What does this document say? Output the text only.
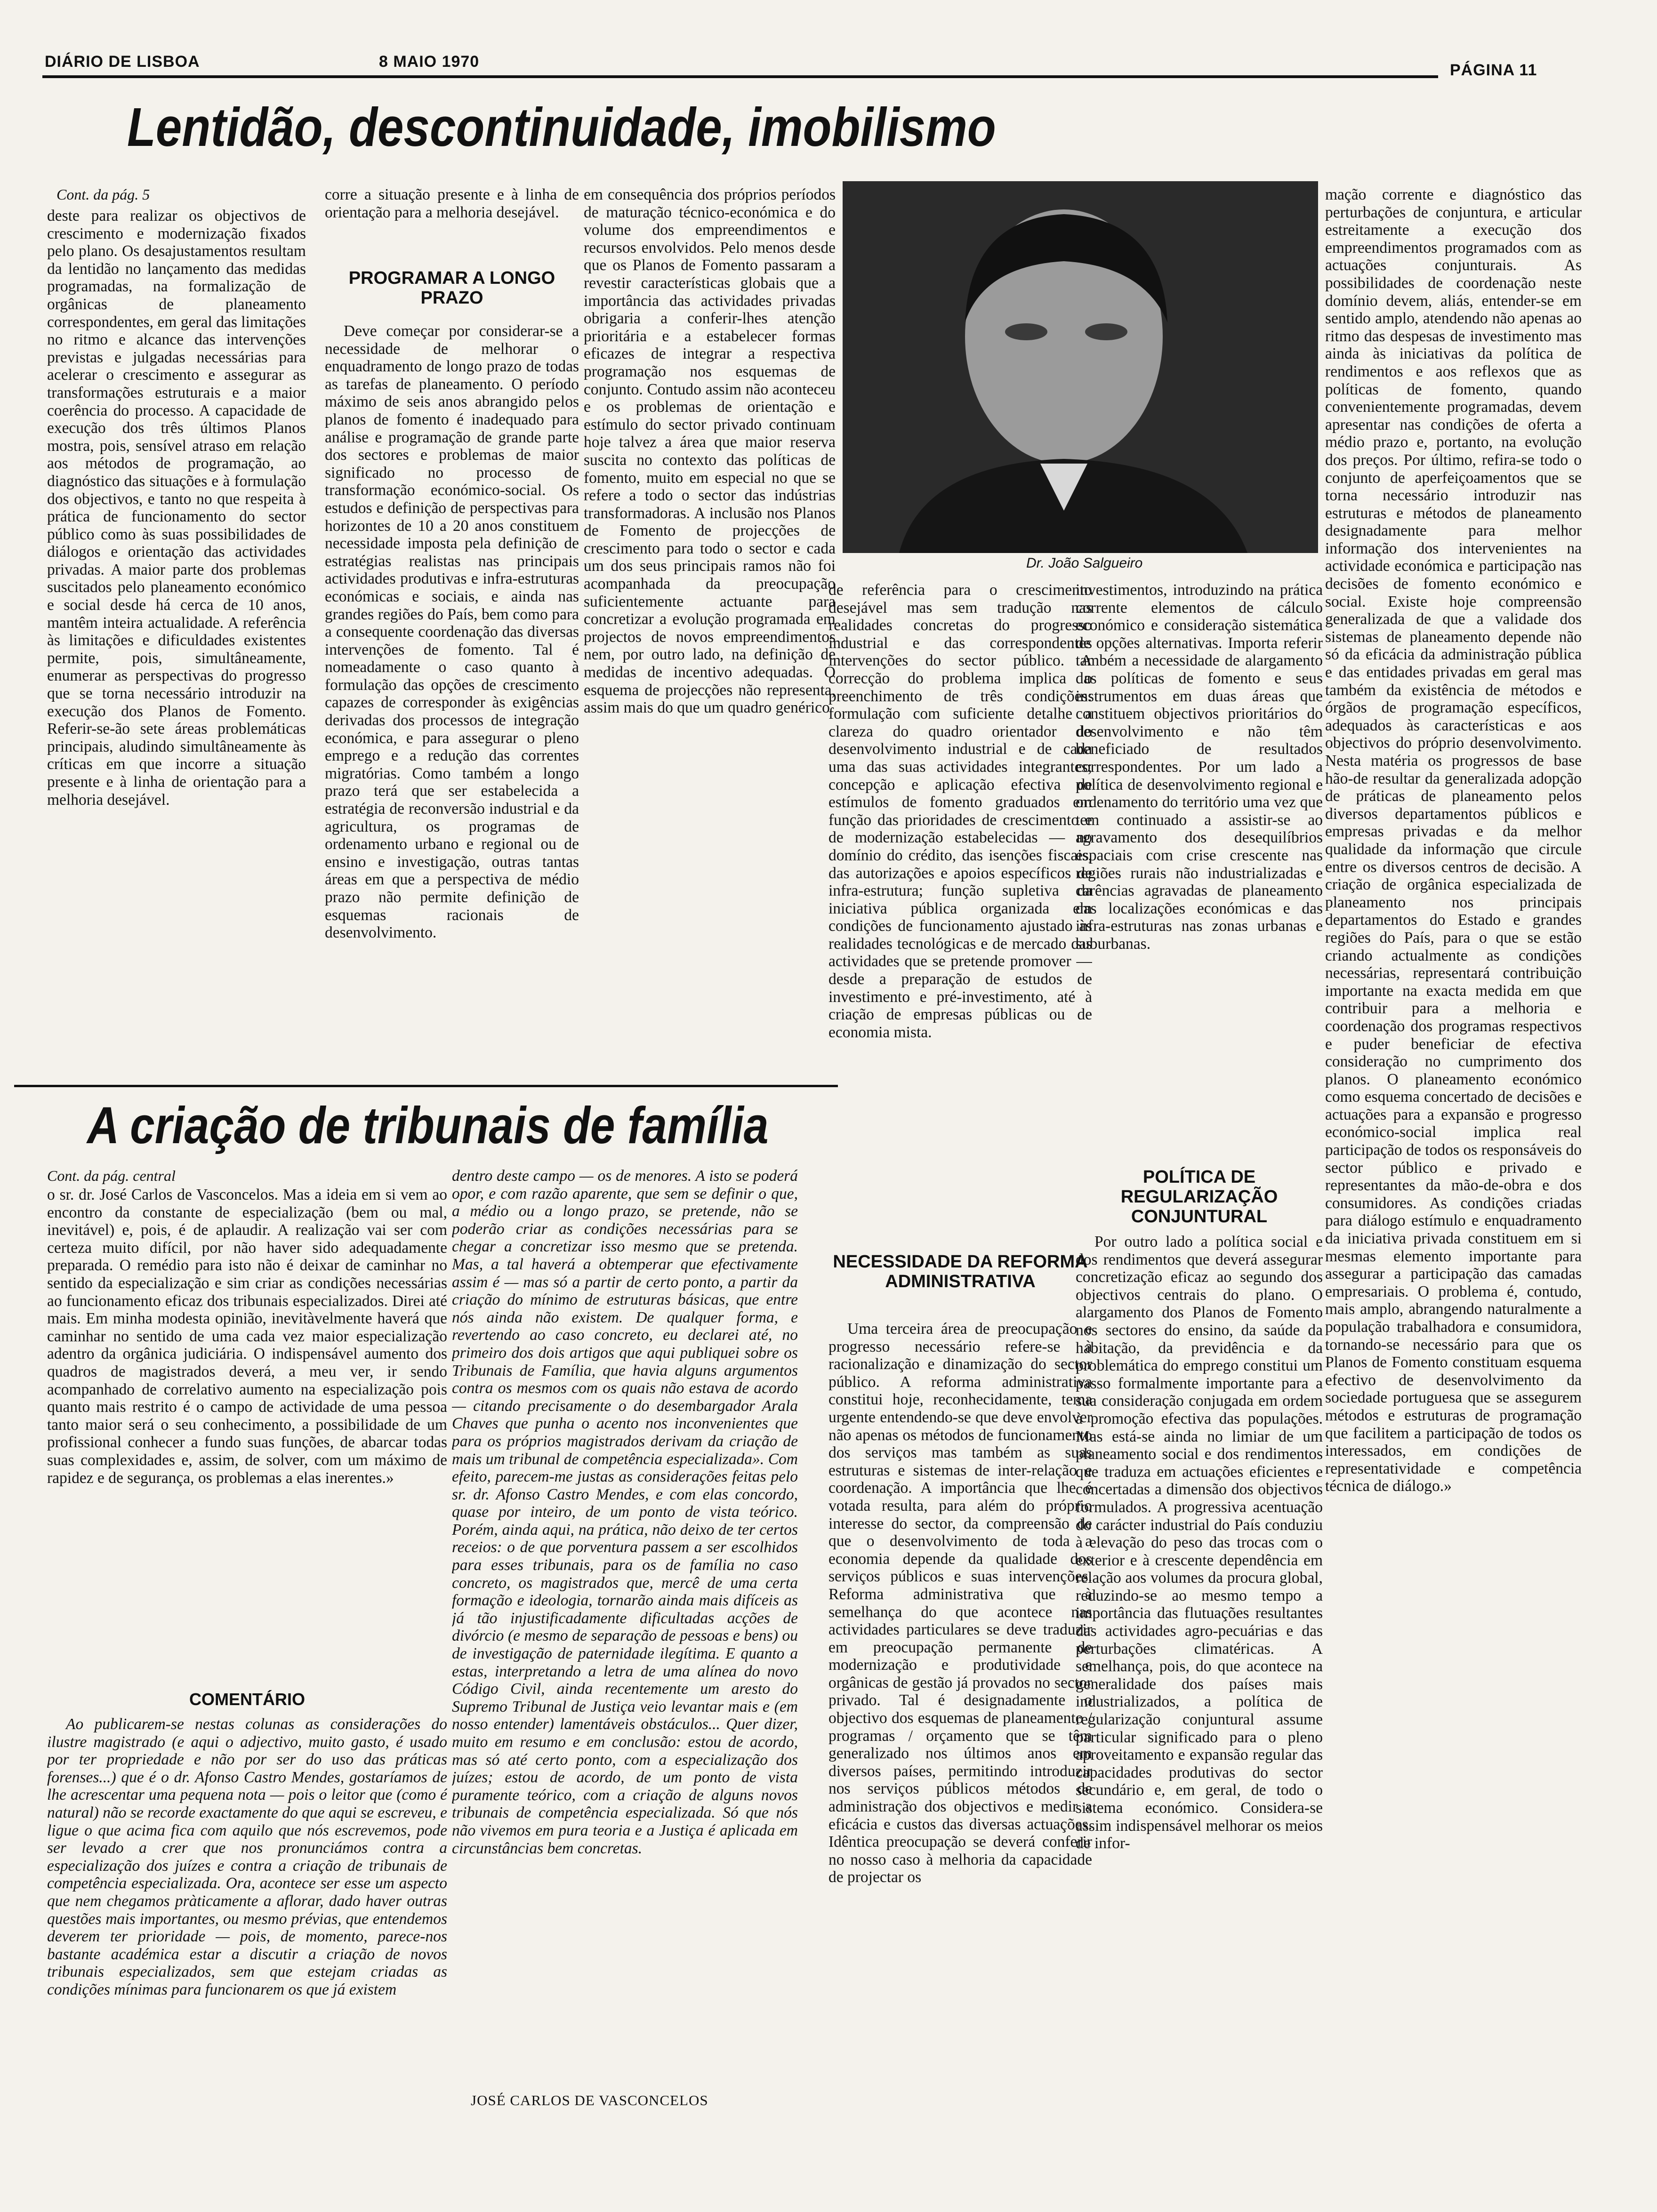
DIÁRIO DE LISBOA	8 MAIO 1970	PÁGINA 11
Lentidão, descontinuidade, imobilismo
Cont. da pág. 5

deste para realizar os objectivos de crescimento e modernização fixados pelo plano. Os desajustamentos resultam da lentidão no lançamento das medidas programadas, na formalização de orgânicas de planeamento correspondentes, em geral das limitações no ritmo e alcance das intervenções previstas e julgadas necessárias para acelerar o crescimento e assegurar as transformações estruturais e a maior coerência do processo. A capacidade de execução dos três últimos Planos mostra, pois, sensível atraso em relação aos métodos de programação, ao diagnóstico das situações e à formulação dos objectivos, e tanto no que respeita à prática de funcionamento do sector público como às suas possibilidades de diálogos e orientação das actividades privadas. A maior parte dos problemas suscitados pelo planeamento económico e social desde há cerca de 10 anos, mantêm inteira actualidade. A referência às limitações e dificuldades existentes permite, pois, simultâneamente, enumerar as perspectivas do progresso que se torna necessário introduzir na execução dos Planos de Fomento. Referir-se-ão sete áreas problemáticas principais, aludindo simultâneamente às críticas em que incorre a situação presente e à linha de orientação para a melhoria desejável.

corre a situação presente e à linha de orientação para a melhoria desejável.

PROGRAMAR A LONGO PRAZO

Deve começar por considerar-se a necessidade de melhorar o enquadramento de longo prazo de todas as tarefas de planeamento. O período máximo de seis anos abrangido pelos planos de fomento é inadequado para análise e programação de grande parte dos sectores e problemas de maior significado no processo de transformação económico-social. Os estudos e definição de perspectivas para horizontes de 10 a 20 anos constituem necessidade imposta pela definição de estratégias realistas nas principais actividades produtivas e infra-estruturas económicas e sociais, e ainda nas grandes regiões do País, bem como para a consequente coordenação das diversas intervenções de fomento. Tal é nomeadamente o caso quanto à formulação das opções de crescimento capazes de corresponder às exigências derivadas dos processos de integração económica, e para assegurar o pleno emprego e a redução das correntes migratórias. Como também a longo prazo terá que ser estabelecida a estratégia de reconversão industrial e da agricultura, os programas de ordenamento urbano e regional ou de ensino e investigação, outras tantas áreas em que a perspectiva de médio prazo não permite definição de esquemas racionais de desenvolvimento.

em consequência dos próprios períodos de maturação técnico-económica e do volume dos empreendimentos e recursos envolvidos. Pelo menos desde que os Planos de Fomento passaram a revestir características globais que a importância das actividades privadas obrigaria a conferir-lhes atenção prioritária e a estabelecer formas eficazes de integrar a respectiva programação nos esquemas de conjunto. Contudo assim não aconteceu e os problemas de orientação e estímulo do sector privado continuam hoje talvez a área que maior reserva suscita no contexto das políticas de fomento, muito em especial no que se refere a todo o sector das indústrias transformadoras. A inclusão nos Planos de Fomento de projecções de crescimento para todo o sector e cada um dos seus principais ramos não foi acompanhada da preocupação suficientemente actuante para concretizar a evolução programada em projectos de novos empreendimentos nem, por outro lado, na definição de medidas de incentivo adequadas. O esquema de projecções não representa, assim mais do que um quadro genérico

Dr. João Salgueiro

de referência para o crescimento desejável mas sem tradução nas realidades concretas do progresso industrial e das correspondentes intervenções do sector público. A correcção do problema implica o preenchimento de três condições: formulação com suficiente detalhe a clareza do quadro orientador do desenvolvimento industrial e de cada uma das suas actividades integrantes; concepção e aplicação efectiva de estímulos de fomento graduados em função das prioridades de crescimento e de modernização estabelecidas — no domínio do crédito, das isenções fiscais, das autorizações e apoios específicos de infra-estrutura; função supletiva da iniciativa pública organizada em condições de funcionamento ajustado às realidades tecnológicas e de mercado das actividades que se pretende promover — desde a preparação de estudos de investimento e pré-investimento, até à criação de empresas públicas ou de economia mista.

NECESSIDADE DA REFORMA ADMINISTRATIVA

Uma terceira área de preocupação e progresso necessário refere-se à racionalização e dinamização do sector público. A reforma administrativa constitui hoje, reconhecidamente, tema urgente entendendo-se que deve envolver não apenas os métodos de funcionamento dos serviços mas também as suas estruturas e sistemas de inter-relação e coordenação. A importância que lhe é votada resulta, para além do próprio interesse do sector, da compreensão de que o desenvolvimento de toda a economia depende da qualidade dos serviços públicos e suas intervenções. Reforma administrativa que à semelhança do que acontece nas actividades particulares se deve traduzir em preocupação permanente de modernização e produtividade e orgânicas de gestão já provados no sector privado. Tal é designadamente o objectivo dos esquemas de planeamento / programas / orçamento que se têm generalizado nos últimos anos em diversos países, permitindo introduzir nos serviços públicos métodos de administração dos objectivos e medir a eficácia e custos das diversas actuações. Idêntica preocupação se deverá conferir no nosso caso à melhoria da capacidade de projectar os

investimentos, introduzindo na prática corrente elementos de cálculo económico e consideração sistemática de opções alternativas. Importa referir também a necessidade de alargamento das políticas de fomento e seus instrumentos em duas áreas que constituem objectivos prioritários do desenvolvimento e não têm beneficiado de resultados correspondentes. Por um lado a política de desenvolvimento regional e ordenamento do território uma vez que tem continuado a assistir-se ao agravamento dos desequilíbrios espaciais com crise crescente nas regiões rurais não industrializadas e carências agravadas de planeamento das localizações económicas e das infra-estruturas nas zonas urbanas e suburbanas.

POLÍTICA DE REGULARIZAÇÃO CONJUNTURAL

Por outro lado a política social e dos rendimentos que deverá assegurar concretização eficaz ao segundo dos objectivos centrais do plano. O alargamento dos Planos de Fomento nos sectores do ensino, da saúde da habitação, da previdência e da problemática do emprego constitui um passo formalmente importante para a sua consideração conjugada em ordem à promoção efectiva das populações. Mas está-se ainda no limiar de um planeamento social e dos rendimentos que traduza em actuações eficientes e concertadas a dimensão dos objectivos formulados. A progressiva acentuação do carácter industrial do País conduziu à elevação do peso das trocas com o exterior e à crescente dependência em relação aos volumes da procura global, reduzindo-se ao mesmo tempo a importância das flutuações resultantes das actividades agro-pecuárias e das perturbações climatéricas. A semelhança, pois, do que acontece na generalidade dos países mais industrializados, a política de regularização conjuntural assume particular significado para o pleno aproveitamento e expansão regular das capacidades produtivas do sector secundário e, em geral, de todo o sistema económico. Considera-se assim indispensável melhorar os meios de infor-

mação corrente e diagnóstico das perturbações de conjuntura, e articular estreitamente a execução dos empreendimentos programados com as actuações conjunturais. As possibilidades de coordenação neste domínio devem, aliás, entender-se em sentido amplo, atendendo não apenas ao ritmo das despesas de investimento mas ainda às iniciativas da política de rendimentos e aos reflexos que as políticas de fomento, quando convenientemente programadas, devem apresentar nas condições de oferta a médio prazo e, portanto, na evolução dos preços. Por último, refira-se todo o conjunto de aperfeiçoamentos que se torna necessário introduzir nas estruturas e métodos de planeamento designadamente para melhor informação dos intervenientes na actividade económica e participação nas decisões de fomento económico e social. Existe hoje compreensão generalizada de que a validade dos sistemas de planeamento depende não só da eficácia da administração pública e das entidades privadas em geral mas também da existência de métodos e órgãos de programação específicos, adequados às características e aos objectivos do próprio desenvolvimento. Nesta matéria os progressos de base hão-de resultar da generalizada adopção de práticas de planeamento pelos diversos departamentos públicos e empresas privadas e da melhor qualidade da informação que circule entre os diversos centros de decisão. A criação de orgânica especializada de planeamento nos principais departamentos do Estado e grandes regiões do País, para o que se estão criando actualmente as condições necessárias, representará contribuição importante na exacta medida em que contribuir para a melhoria e coordenação dos programas respectivos e puder beneficiar de efectiva consideração no cumprimento dos planos. O planeamento económico como esquema concertado de decisões e actuações para a expansão e progresso económico-social implica real participação de todos os responsáveis do sector público e privado e representantes da mão-de-obra e dos consumidores. As condições criadas para diálogo estímulo e enquadramento da iniciativa privada constituem em si mesmas elemento importante para assegurar a participação das camadas empresariais. O problema é, contudo, mais amplo, abrangendo naturalmente a população trabalhadora e consumidora, tornando-se necessário para que os Planos de Fomento constituam esquema efectivo de desenvolvimento da sociedade portuguesa que se assegurem métodos e estruturas de programação que facilitem a participação de todos os interessados, em condições de representatividade e competência técnica de diálogo.»

A criação de tribunais de família
Cont. da pág. central

o sr. dr. José Carlos de Vasconcelos. Mas a ideia em si vem ao encontro da constante de especialização (bem ou mal, inevitável) e, pois, é de aplaudir. A realização vai ser com certeza muito difícil, por não haver sido adequadamente preparada. O remédio para isto não é deixar de caminhar no sentido da especialização e sim criar as condições necessárias ao funcionamento eficaz dos tribunais especializados. Direi até mais. Em minha modesta opinião, inevitàvelmente haverá que caminhar no sentido de uma cada vez maior especialização adentro da orgânica judiciária. O indispensável aumento dos quadros de magistrados deverá, a meu ver, ir sendo acompanhado de correlativo aumento na especialização pois quanto mais restrito é o campo de actividade de uma pessoa tanto maior será o seu conhecimento, a possibilidade de um profissional conhecer a fundo suas funções, de abarcar todas suas complexidades e, assim, de solver, com um máximo de rapidez e de segurança, os problemas a elas inerentes.»

COMENTÁRIO

Ao publicarem-se nestas colunas as considerações do ilustre magistrado (e aqui o adjectivo, muito gasto, é usado por ter propriedade e não por ser do uso das práticas forenses...) que é o dr. Afonso Castro Mendes, gostaríamos de lhe acrescentar uma pequena nota — pois o leitor que (como é natural) não se recorde exactamente do que aqui se escreveu, e ligue o que acima fica com aquilo que nós escrevemos, pode ser levado a crer que nos pronunciámos contra a especialização dos juízes e contra a criação de tribunais de competência especializada. Ora, acontece ser esse um aspecto que nem chegamos pràticamente a aflorar, dado haver outras questões mais importantes, ou mesmo prévias, que entendemos deverem ter prioridade — pois, de momento, parece-nos bastante académica estar a discutir a criação de novos tribunais especializados, sem que estejam criadas as condições mínimas para funcionarem os que já existem

dentro deste campo — os de menores. A isto se poderá opor, e com razão aparente, que sem se definir o que, a médio ou a longo prazo, se pretende, não se poderão criar as condições necessárias para se chegar a concretizar isso mesmo que se pretenda. Mas, a tal haverá a obtemperar que efectivamente assim é — mas só a partir de certo ponto, a partir da criação do mínimo de estruturas básicas, que entre nós ainda não existem. De qualquer forma, e revertendo ao caso concreto, eu declarei até, no primeiro dos dois artigos que aqui publiquei sobre os Tribunais de Família, que havia alguns argumentos contra os mesmos com os quais não estava de acordo — citando precisamente o do desembargador Arala Chaves que punha o acento nos inconvenientes que para os próprios magistrados derivam da criação de mais um tribunal de competência especializada». Com efeito, parecem-me justas as considerações feitas pelo sr. dr. Afonso Castro Mendes, e com elas concordo, quase por inteiro, de um ponto de vista teórico. Porém, ainda aqui, na prática, não deixo de ter certos receios: o de que porventura passem a ser escolhidos para esses tribunais, para os de família no caso concreto, os magistrados que, mercê de uma certa formação e ideologia, tornarão ainda mais difíceis as já tão injustificadamente dificultadas acções de divórcio (e mesmo de separação de pessoas e bens) ou de investigação de paternidade ilegítima. E quanto a estas, interpretando a letra de uma alínea do novo Código Civil, ainda recentemente um aresto do Supremo Tribunal de Justiça veio levantar mais e (em nosso entender) lamentáveis obstáculos... Quer dizer, muito em resumo e em conclusão: estou de acordo, mas só até certo ponto, com a especialização dos juízes; estou de acordo, de um ponto de vista puramente teórico, com a criação de alguns novos tribunais de competência especializada. Só que nós não vivemos em pura teoria e a Justiça é aplicada em circunstâncias bem concretas.

JOSÉ CARLOS DE VASCONCELOS
